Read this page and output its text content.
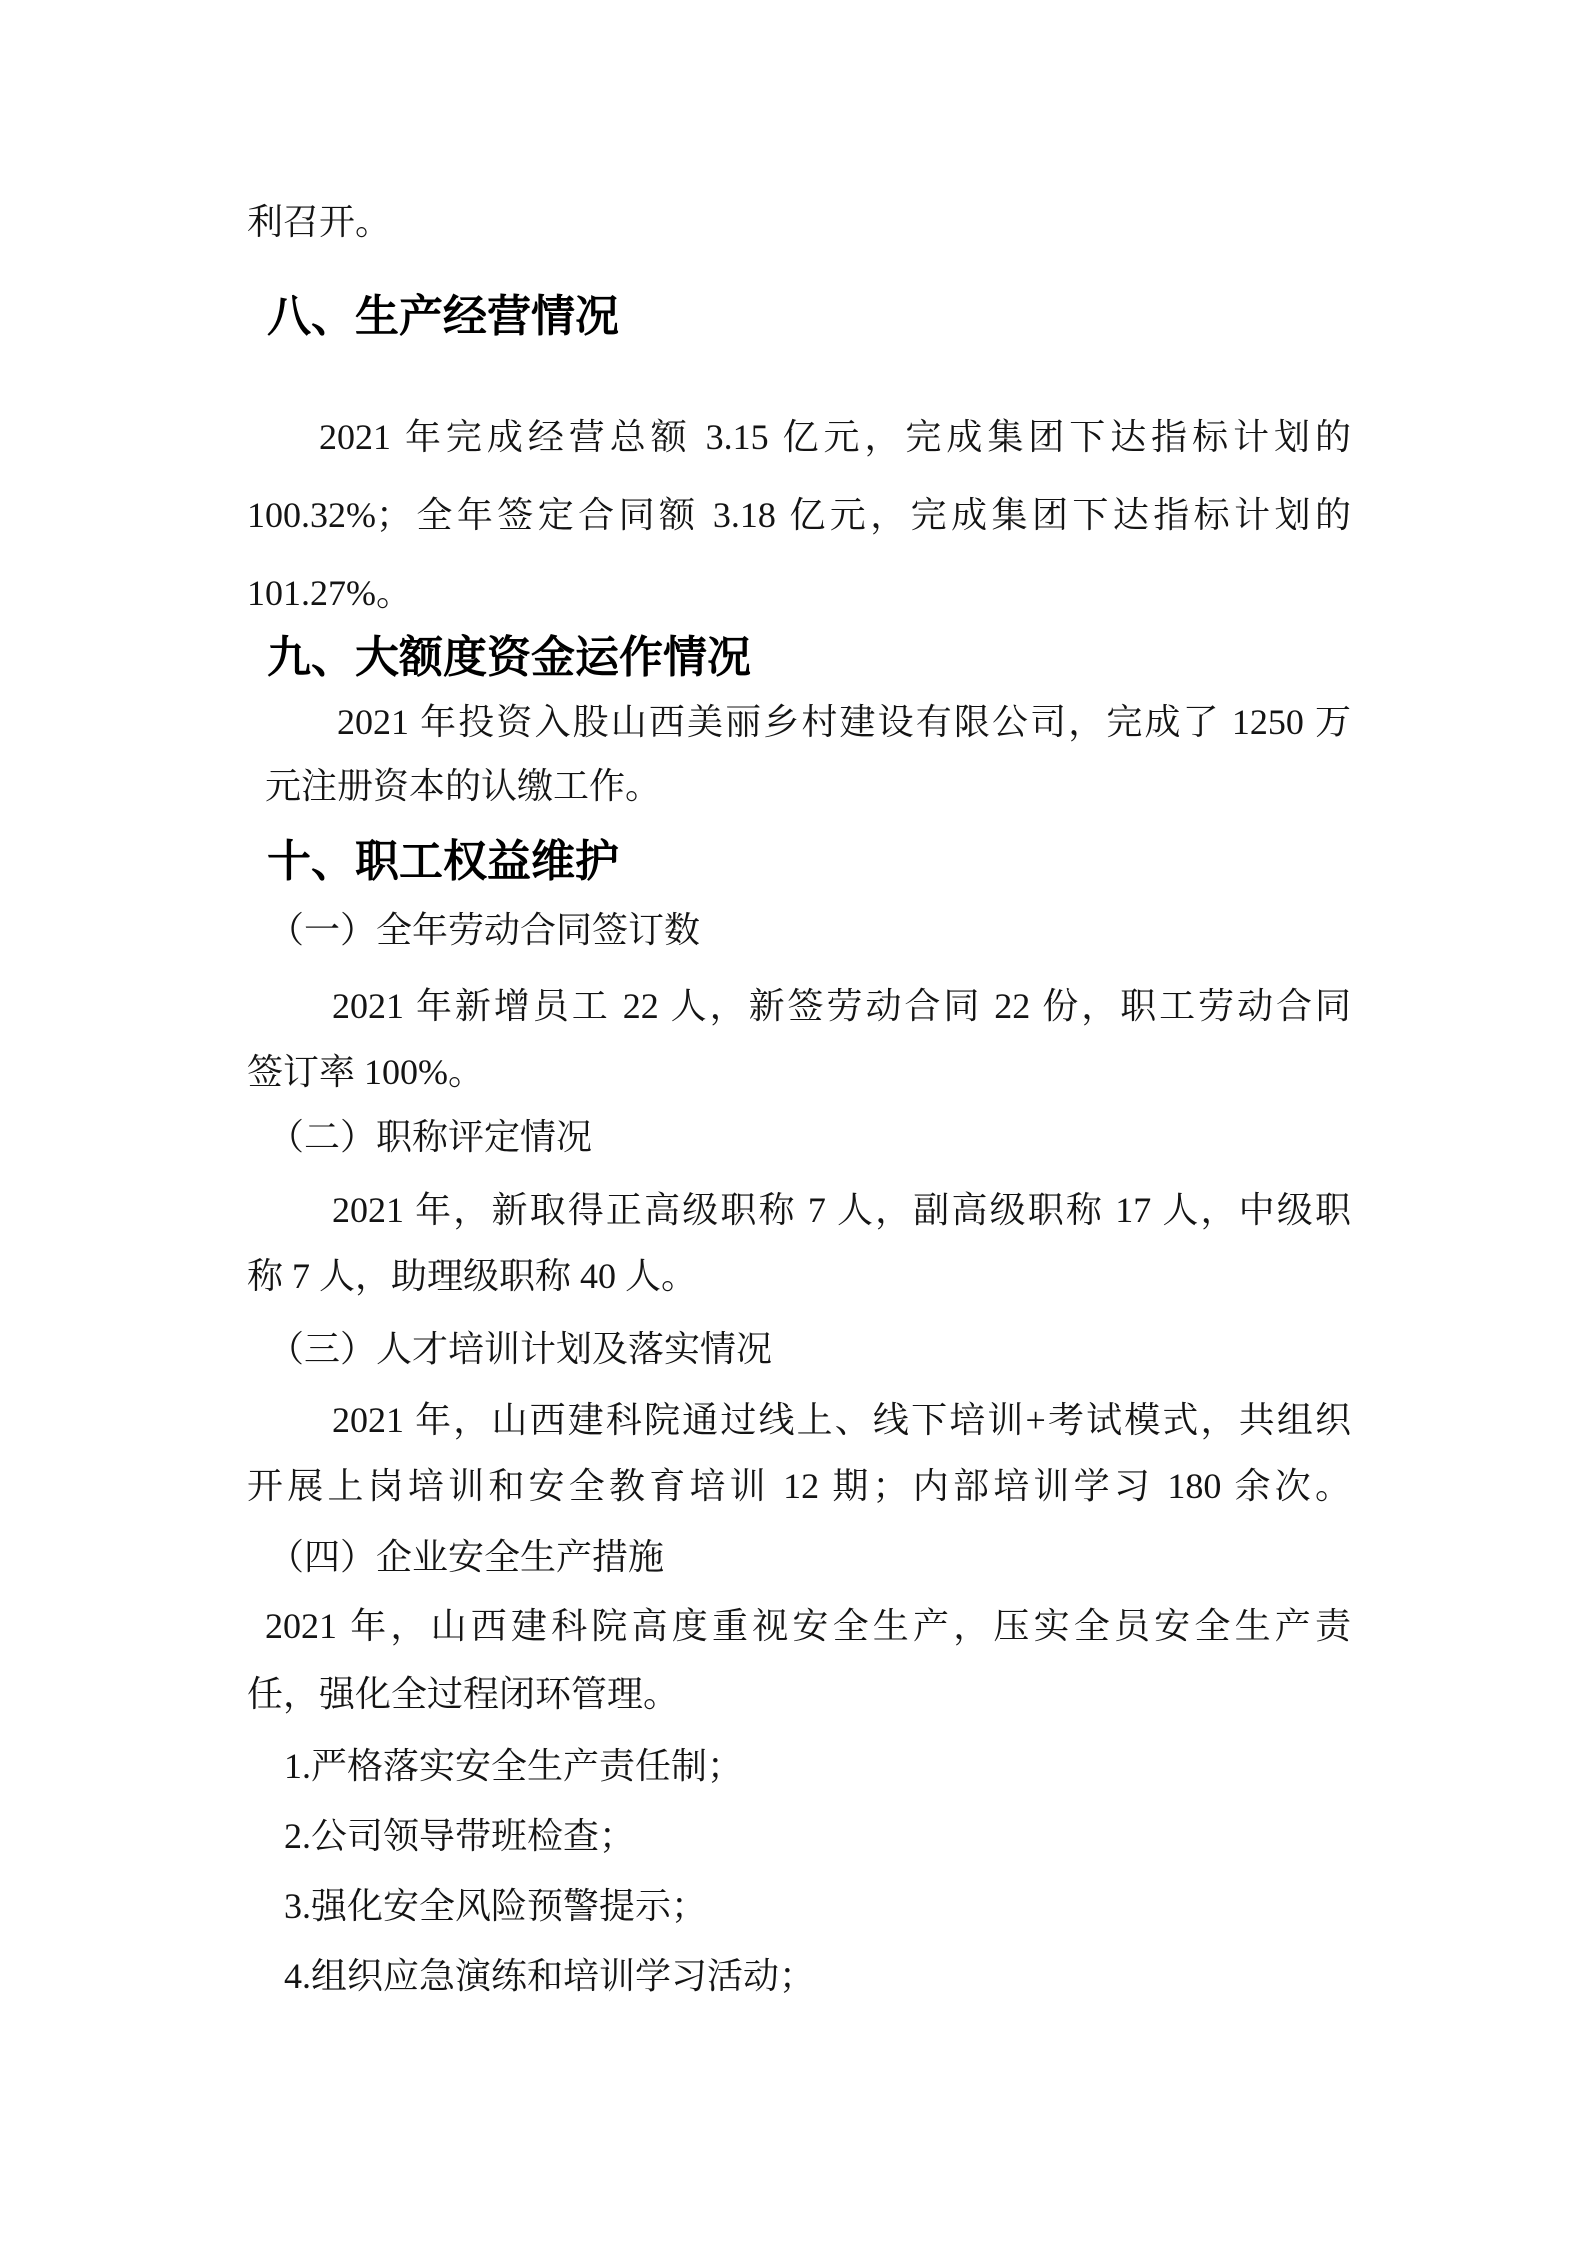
利召开。
八、生产经营情况
2021 年完成经营总额 3.15 亿元，完成集团下达指标计划的
100.32%；全年签定合同额 3.18 亿元，完成集团下达指标计划的
101.27%。
九、大额度资金运作情况
2021 年投资入股山西美丽乡村建设有限公司，完成了 1250 万
元注册资本的认缴工作。
十、职工权益维护
（一）全年劳动合同签订数
2021 年新增员工 22 人，新签劳动合同 22 份，职工劳动合同
签订率 100%。
（二）职称评定情况
2021 年，新取得正高级职称 7 人，副高级职称 17 人，中级职
称 7 人，助理级职称 40 人。
（三）人才培训计划及落实情况
2021 年，山西建科院通过线上、线下培训+考试模式，共组织
开展上岗培训和安全教育培训 12 期；内部培训学习 180 余次。
（四）企业安全生产措施
2021 年，山西建科院高度重视安全生产，压实全员安全生产责
任，强化全过程闭环管理。
1.严格落实安全生产责任制；
2.公司领导带班检查；
3.强化安全风险预警提示；
4.组织应急演练和培训学习活动；
